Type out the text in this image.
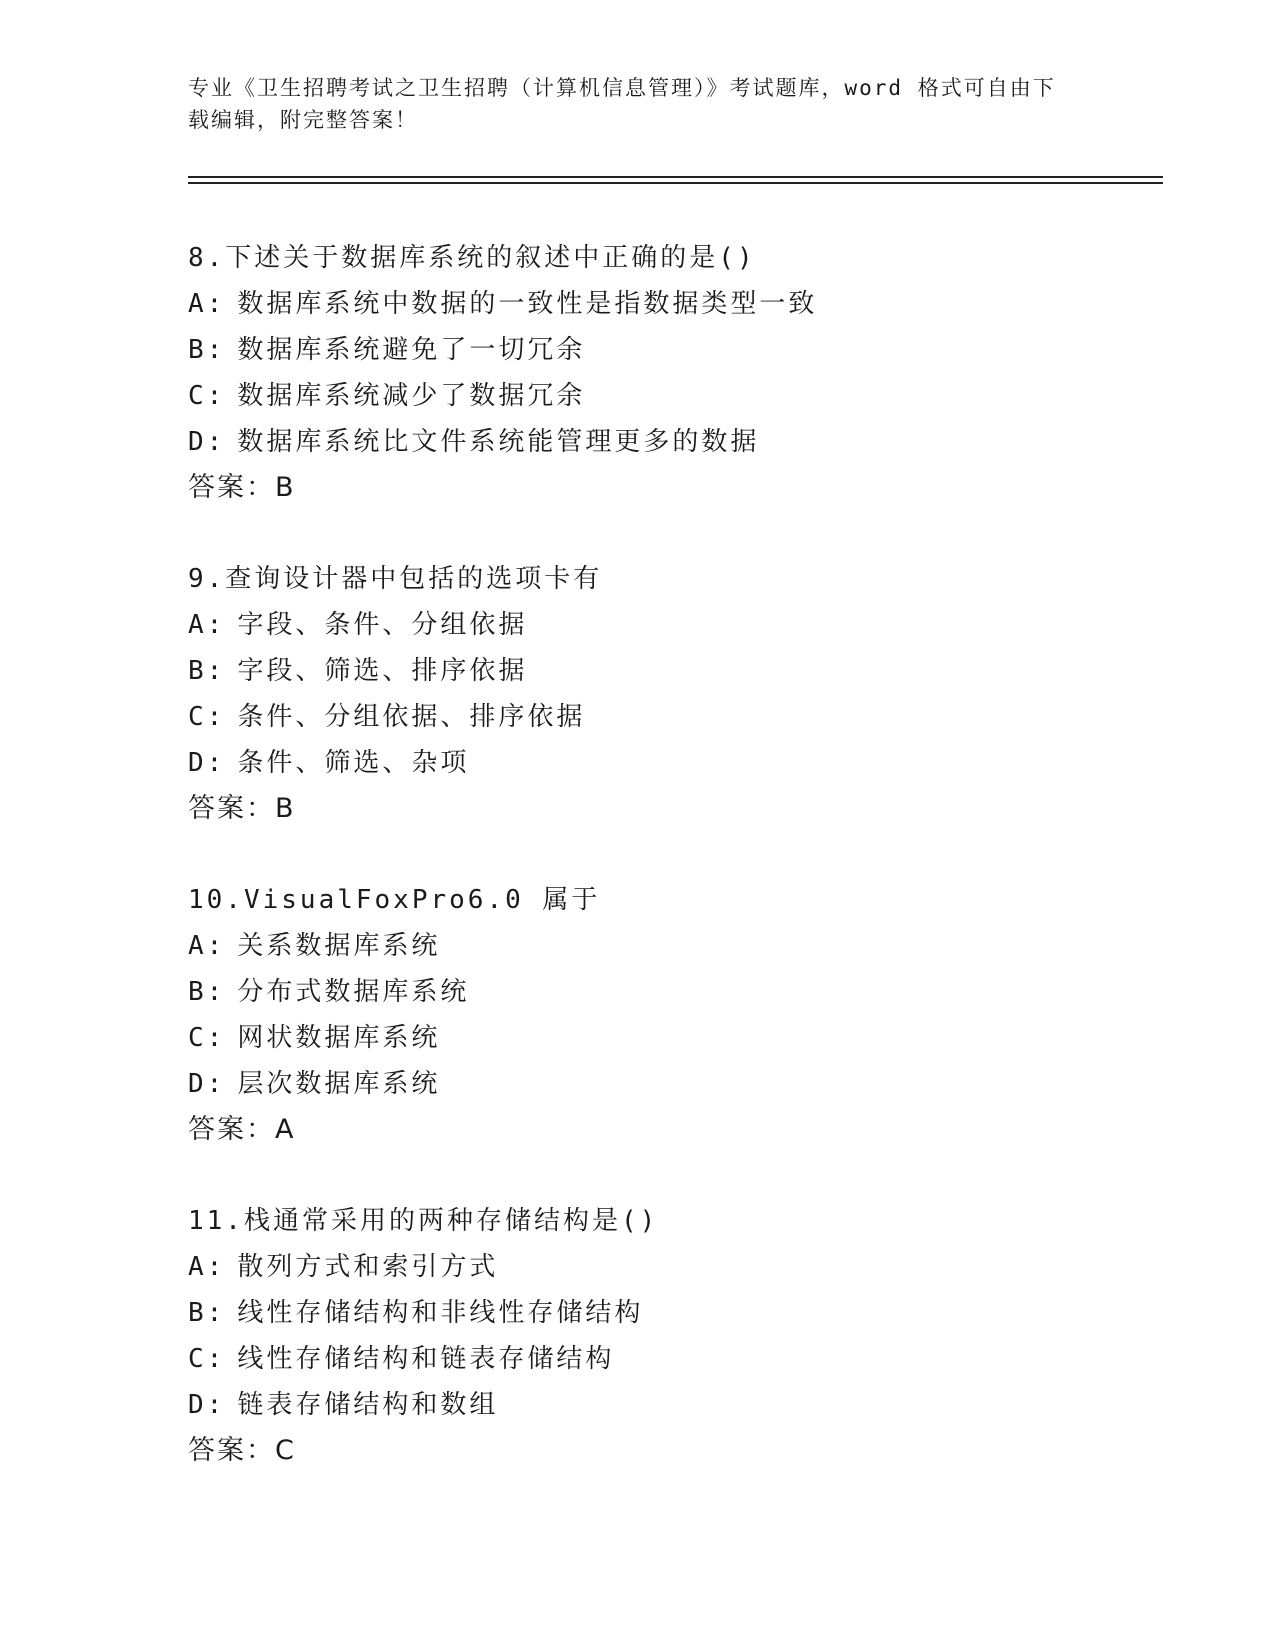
专业《卫生招聘考试之卫生招聘（计算机信息管理）》考试题库，word 格式可自由下载编辑，附完整答案！
8.下述关于数据库系统的叙述中正确的是()
A: 数据库系统中数据的一致性是指数据类型一致
B: 数据库系统避免了一切冗余
C: 数据库系统减少了数据冗余
D: 数据库系统比文件系统能管理更多的数据
答案：B
9.查询设计器中包括的选项卡有
A: 字段、条件、分组依据
B: 字段、筛选、排序依据
C: 条件、分组依据、排序依据
D: 条件、筛选、杂项
答案：B
10.VisualFoxPro6.0 属于
A: 关系数据库系统
B: 分布式数据库系统
C: 网状数据库系统
D: 层次数据库系统
答案：A
11.栈通常采用的两种存储结构是()
A: 散列方式和索引方式
B: 线性存储结构和非线性存储结构
C: 线性存储结构和链表存储结构
D: 链表存储结构和数组
答案：C
